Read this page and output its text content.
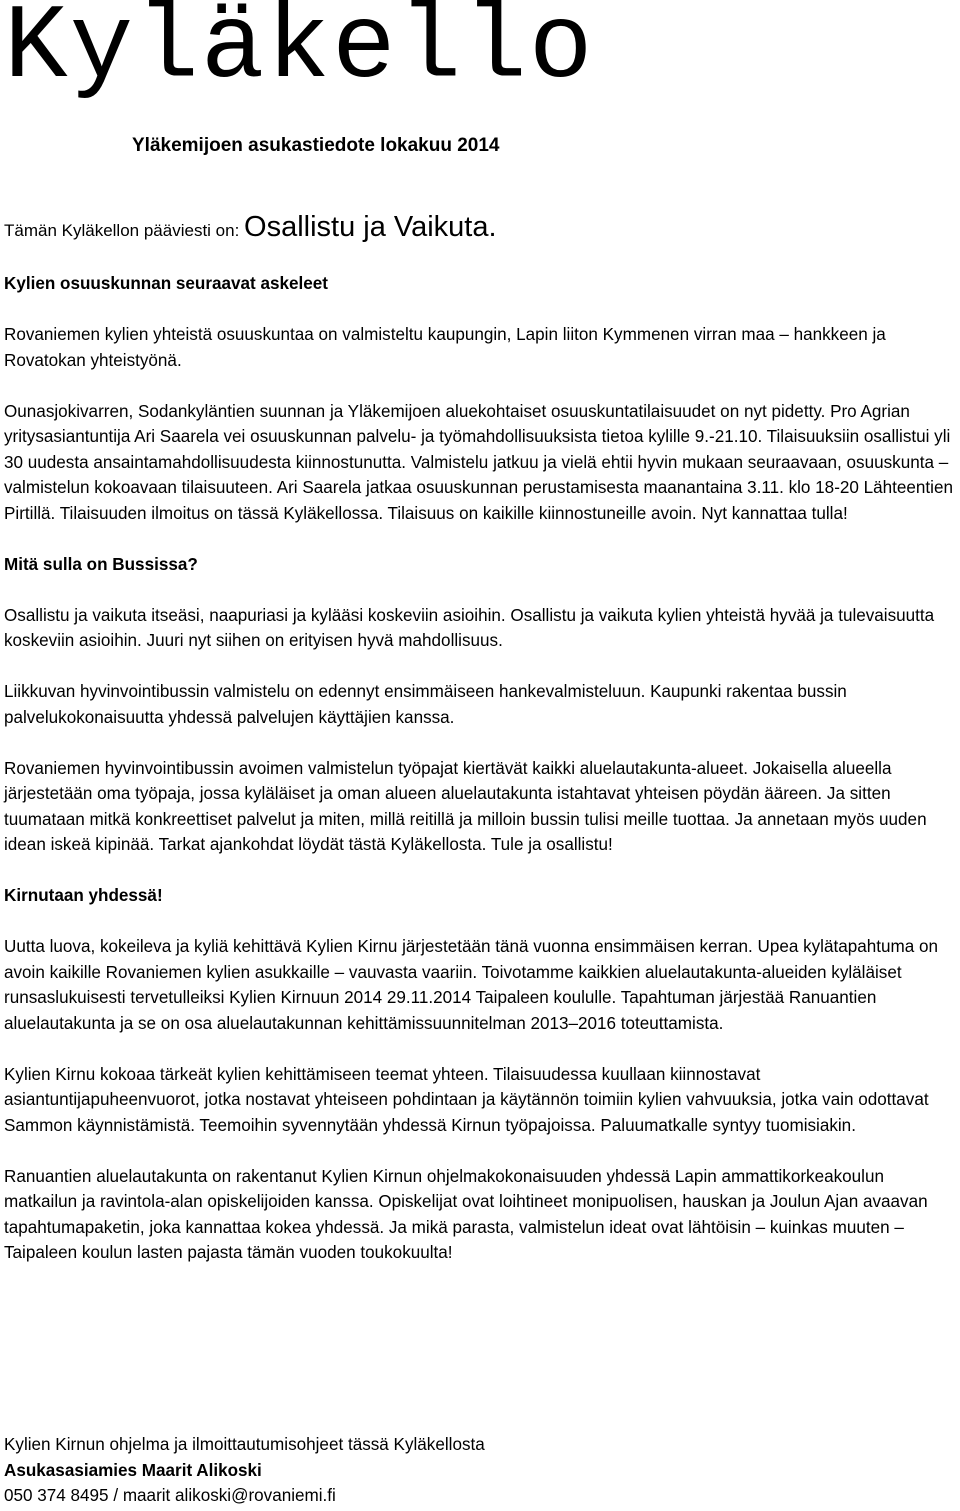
Kyläkello
Yläkemijoen asukastiedote lokakuu 2014
Tämän Kyläkellon pääviesti on: Osallistu ja Vaikuta.
Kylien osuuskunnan seuraavat askeleet

Rovaniemen kylien yhteistä osuuskuntaa on valmisteltu kaupungin, Lapin liiton Kymmenen virran maa – hankkeen ja Rovatokan yhteistyönä.

Ounasjokivarren, Sodankyläntien suunnan ja Yläkemijoen aluekohtaiset osuuskuntatilaisuudet on nyt pidetty. Pro Agrian yritysasiantuntija Ari Saarela vei osuuskunnan palvelu- ja työmahdollisuuksista tietoa kylille 9.-21.10. Tilaisuuksiin osallistui yli 30 uudesta ansaintamahdollisuudesta kiinnostunutta. Valmistelu jatkuu ja vielä ehtii hyvin mukaan seuraavaan, osuuskunta – valmistelun kokoavaan tilaisuuteen. Ari Saarela jatkaa osuuskunnan perustamisesta maanantaina 3.11. klo 18-20 Lähteentien Pirtillä. Tilaisuuden ilmoitus on tässä Kyläkellossa. Tilaisuus on kaikille kiinnostuneille avoin. Nyt kannattaa tulla!

Mitä sulla on Bussissa?

Osallistu ja vaikuta itseäsi, naapuriasi ja kylääsi koskeviin asioihin. Osallistu ja vaikuta kylien yhteistä hyvää ja tulevaisuutta koskeviin asioihin. Juuri nyt siihen on erityisen hyvä mahdollisuus.

Liikkuvan hyvinvointibussin valmistelu on edennyt ensimmäiseen hankevalmisteluun. Kaupunki rakentaa bussin palvelukokonaisuutta yhdessä palvelujen käyttäjien kanssa.

Rovaniemen hyvinvointibussin avoimen valmistelun työpajat kiertävät kaikki aluelautakunta-alueet. Jokaisella alueella järjestetään oma työpaja, jossa kyläläiset ja oman alueen aluelautakunta istahtavat yhteisen pöydän ääreen. Ja sitten tuumataan mitkä konkreettiset palvelut ja miten, millä reitillä ja milloin bussin tulisi meille tuottaa. Ja annetaan myös uuden idean iskeä kipinää. Tarkat ajankohdat löydät tästä Kyläkellosta. Tule ja osallistu!

Kirnutaan yhdessä!

Uutta luova, kokeileva ja kyliä kehittävä Kylien Kirnu järjestetään tänä vuonna ensimmäisen kerran. Upea kylätapahtuma on avoin kaikille Rovaniemen kylien asukkaille – vauvasta vaariin. Toivotamme kaikkien aluelautakunta-alueiden kyläläiset runsaslukuisesti tervetulleiksi Kylien Kirnuun 2014 29.11.2014 Taipaleen koululle. Tapahtuman järjestää Ranuantien aluelautakunta ja se on osa aluelautakunnan kehittämissuunnitelman 2013–2016 toteuttamista.

Kylien Kirnu kokoaa tärkeät kylien kehittämiseen teemat yhteen. Tilaisuudessa kuullaan kiinnostavat asiantuntijapuheenvuorot, jotka nostavat yhteiseen pohdintaan ja käytännön toimiin kylien vahvuuksia, jotka vain odottavat Sammon käynnistämistä. Teemoihin syvennytään yhdessä Kirnun työpajoissa. Paluumatkalle syntyy tuomisiakin.

Ranuantien aluelautakunta on rakentanut Kylien Kirnun ohjelmakokonaisuuden yhdessä Lapin ammattikorkeakoulun matkailun ja ravintola-alan opiskelijoiden kanssa. Opiskelijat ovat loihtineet monipuolisen, hauskan ja Joulun Ajan avaavan tapahtumapaketin, joka kannattaa kokea yhdessä. Ja mikä parasta, valmistelun ideat ovat lähtöisin – kuinkas muuten – Taipaleen koulun lasten pajasta tämän vuoden toukokuulta!

Kylien Kirnun ohjelma ja ilmoittautumisohjeet tässä Kyläkellosta
Asukasasiamies Maarit Alikoski
050 374 8495 / maarit alikoski@rovaniemi.fi
